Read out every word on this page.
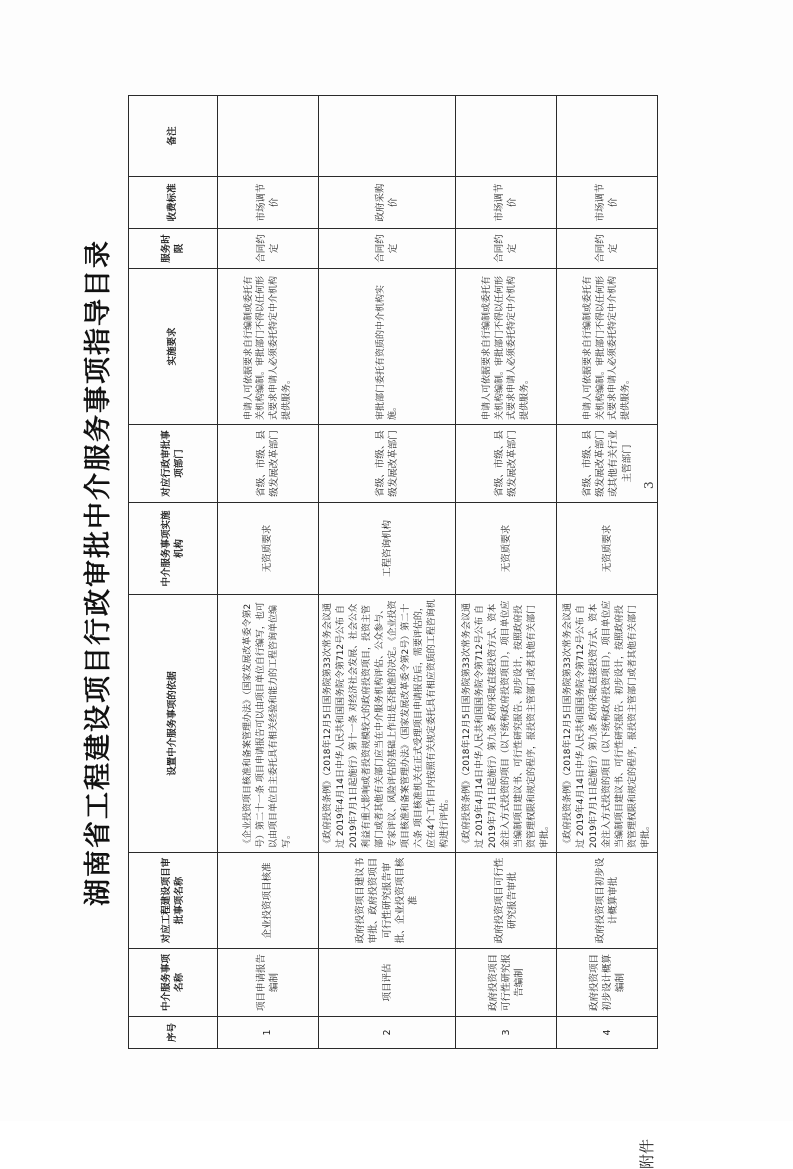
湖南省工程建设项目行政审批中介服务事项指导目录
附件
序号	中介服务事项名称	对应工程建设项目审批事项名称	设置中介服务事项的依据	中介服务事项实施机构	对应行政审批事项部门	实施要求	服务时限	收费标准	备注
1	项目申请报告编制	企业投资项目核准	《企业投资项目核准和备案管理办法》（国家发展改革委令第2号）第二十一条 项目申请报告可以由项目单位自行编写，也可以由项目单位自主委托具有相关经验和能力的工程咨询单位编写。	无资质要求	省级、市级、县级发展改革部门	申请人可依据要求自行编制或委托有关机构编制。审批部门不得以任何形式要求申请人必须委托特定中介机构提供服务。	合同约定	市场调节价	
2	项目评估	政府投资项目建议书审批、政府投资项目可行性研究报告审批、企业投资项目核准	《政府投资条例》（2018年12月5日国务院第33次常务会议通过 2019年4月14日中华人民共和国国务院令第712号公布 自2019年7月1日起施行）第十一条 对经济社会发展、社会公众利益有重大影响或者投资规模较大的政府投资项目，投资主管部门或者其他有关部门应当在中介服务机构评估、公众参与、专家评议、风险评估的基础上作出是否批准的决定。《企业投资项目核准和备案管理办法》（国家发展改革委令第2号）第二十六条 项目核准机关在正式受理项目申请报告后，需要评估的，应在4个工作日内按照有关规定委托具有相应资质的工程咨询机构进行评估。	工程咨询机构	省级、市级、县级发展改革部门	审批部门委托有资质的中介机构实施。	合同约定	政府采购价	
3	政府投资项目可行性研究报告编制	政府投资项目可行性研究报告审批	《政府投资条例》（2018年12月5日国务院第33次常务会议通过 2019年4月14日中华人民共和国国务院令第712号公布 自2019年7月1日起施行）第九条 政府采取直接投资方式、资本金注入方式投资的项目（以下统称政府投资项目），项目单位应当编制项目建议书、可行性研究报告、初步设计，按照政府投资管理权限和规定的程序，报投资主管部门或者其他有关部门审批。	无资质要求	省级、市级、县级发展改革部门	申请人可依据要求自行编制或委托有关机构编制。审批部门不得以任何形式要求申请人必须委托特定中介机构提供服务。	合同约定	市场调节价	
4	政府投资项目初步设计概算编制	政府投资项目初步设计概算审批	《政府投资条例》（2018年12月5日国务院第33次常务会议通过 2019年4月14日中华人民共和国国务院令第712号公布 自2019年7月1日起施行）第九条 政府采取直接投资方式、资本金注入方式投资的项目（以下统称政府投资项目），项目单位应当编制项目建议书、可行性研究报告、初步设计，按照政府投资管理权限和规定的程序，报投资主管部门或者其他有关部门审批。	无资质要求	省级、市级、县级发展改革部门或其他有关行业主管部门	申请人可依据要求自行编制或委托有关机构编制。审批部门不得以任何形式要求申请人必须委托特定中介机构提供服务。	合同约定	市场调节价	
3
